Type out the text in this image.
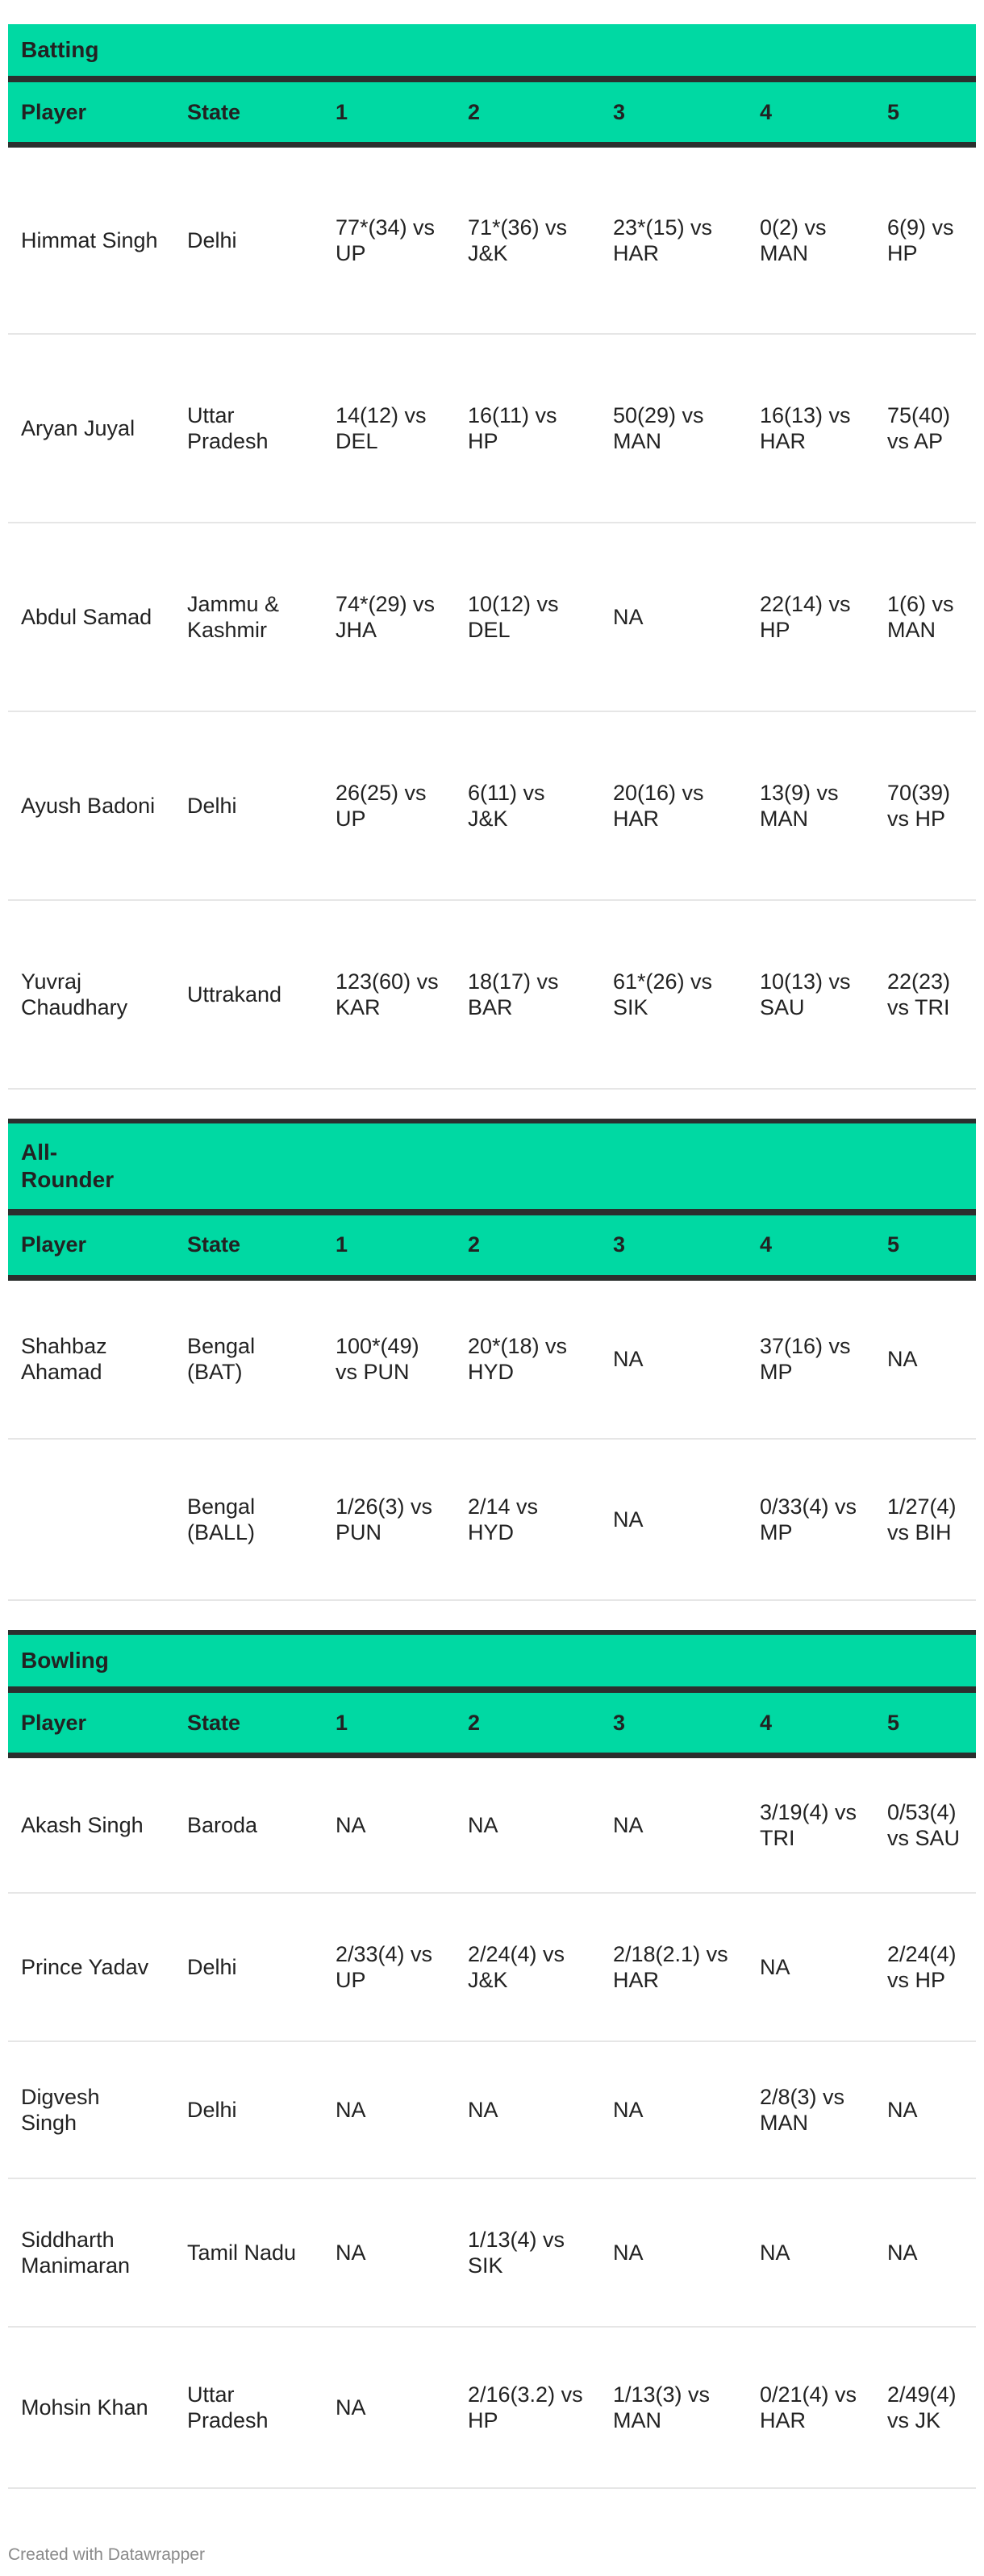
Batting						
Player	State	1	2	3	4	5
Himmat Singh	Delhi	77*(34) vs UP	71*(36) vs J&K	23*(15) vs HAR	0(2) vs MAN	6(9) vs HP
Aryan Juyal	Uttar Pradesh	14(12) vs DEL	16(11) vs HP	50(29) vs MAN	16(13) vs HAR	75(40) vs AP
Abdul Samad	Jammu & Kashmir	74*(29) vs JHA	10(12) vs DEL	NA	22(14) vs HP	1(6) vs MAN
Ayush Badoni	Delhi	26(25) vs UP	6(11) vs J&K	20(16) vs HAR	13(9) vs MAN	70(39) vs HP
Yuvraj Chaudhary	Uttrakand	123(60) vs KAR	18(17) vs BAR	61*(26) vs SIK	10(13) vs SAU	22(23) vs TRI

All-Rounder						

Player	State	1	2	3	4	5
Shahbaz Ahamad	Bengal (BAT)	100*(49) vs PUN	20*(18) vs HYD	NA	37(16) vs MP	NA
	Bengal (BALL)	1/26(3) vs PUN	2/14 vs HYD	NA	0/33(4) vs MP	1/27(4) vs BIH

Bowling						
Player	State	1	2	3	4	5
Akash Singh	Baroda	NA	NA	NA	3/19(4) vs TRI	0/53(4) vs SAU
Prince Yadav	Delhi	2/33(4) vs UP	2/24(4) vs J&K	2/18(2.1) vs HAR	NA	2/24(4) vs HP
Digvesh Singh	Delhi	NA	NA	NA	2/8(3) vs MAN	NA
Siddharth Manimaran	Tamil Nadu	NA	1/13(4) vs SIK	NA	NA	NA
Mohsin Khan	Uttar Pradesh	NA	2/16(3.2) vs HP	1/13(3) vs MAN	0/21(4) vs HAR	2/49(4) vs JK
Created with Datawrapper
